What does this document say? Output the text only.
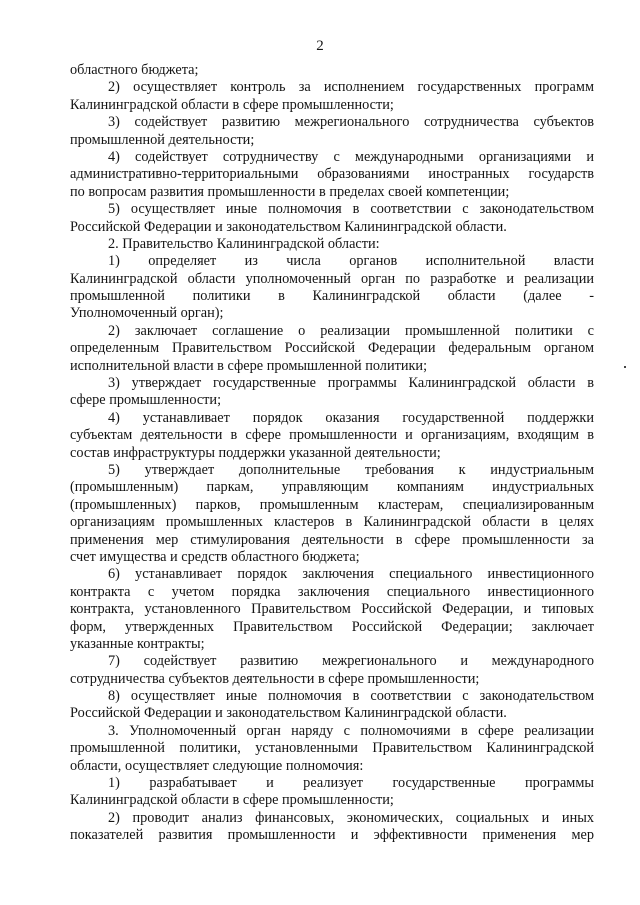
2
областного бюджета;
2) осуществляет контроль за исполнением государственных программ
Калининградской области в сфере промышленности;
3) содействует развитию межрегионального сотрудничества субъектов
промышленной деятельности;
4) содействует сотрудничеству с международными организациями и
административно-территориальными образованиями иностранных государств
по вопросам развития промышленности в пределах своей компетенции;
5) осуществляет иные полномочия в соответствии с законодательством
Российской Федерации и законодательством Калининградской области.
2. Правительство Калининградской области:
1) определяет из числа органов исполнительной власти
Калининградской области уполномоченный орган по разработке и реализации
промышленной политики в Калининградской области (далее -
Уполномоченный орган);
2) заключает соглашение о реализации промышленной политики с
определенным Правительством Российской Федерации федеральным органом
исполнительной власти в сфере промышленной политики;
3) утверждает государственные программы Калининградской области в
сфере промышленности;
4) устанавливает порядок оказания государственной поддержки
субъектам деятельности в сфере промышленности и организациям, входящим в
состав инфраструктуры поддержки указанной деятельности;
5) утверждает дополнительные требования к индустриальным
(промышленным) паркам, управляющим компаниям индустриальных
(промышленных) парков, промышленным кластерам, специализированным
организациям промышленных кластеров в Калининградской области в целях
применения мер стимулирования деятельности в сфере промышленности за
счет имущества и средств областного бюджета;
6) устанавливает порядок заключения специального инвестиционного
контракта с учетом порядка заключения специального инвестиционного
контракта, установленного Правительством Российской Федерации, и типовых
форм, утвержденных Правительством Российской Федерации; заключает
указанные контракты;
7) содействует развитию межрегионального и международного
сотрудничества субъектов деятельности в сфере промышленности;
8) осуществляет иные полномочия в соответствии с законодательством
Российской Федерации и законодательством Калининградской области.
3. Уполномоченный орган наряду с полномочиями в сфере реализации
промышленной политики, установленными Правительством Калининградской
области, осуществляет следующие полномочия:
1) разрабатывает и реализует государственные программы
Калининградской области в сфере промышленности;
2) проводит анализ финансовых, экономических, социальных и иных
показателей развития промышленности и эффективности применения мер
